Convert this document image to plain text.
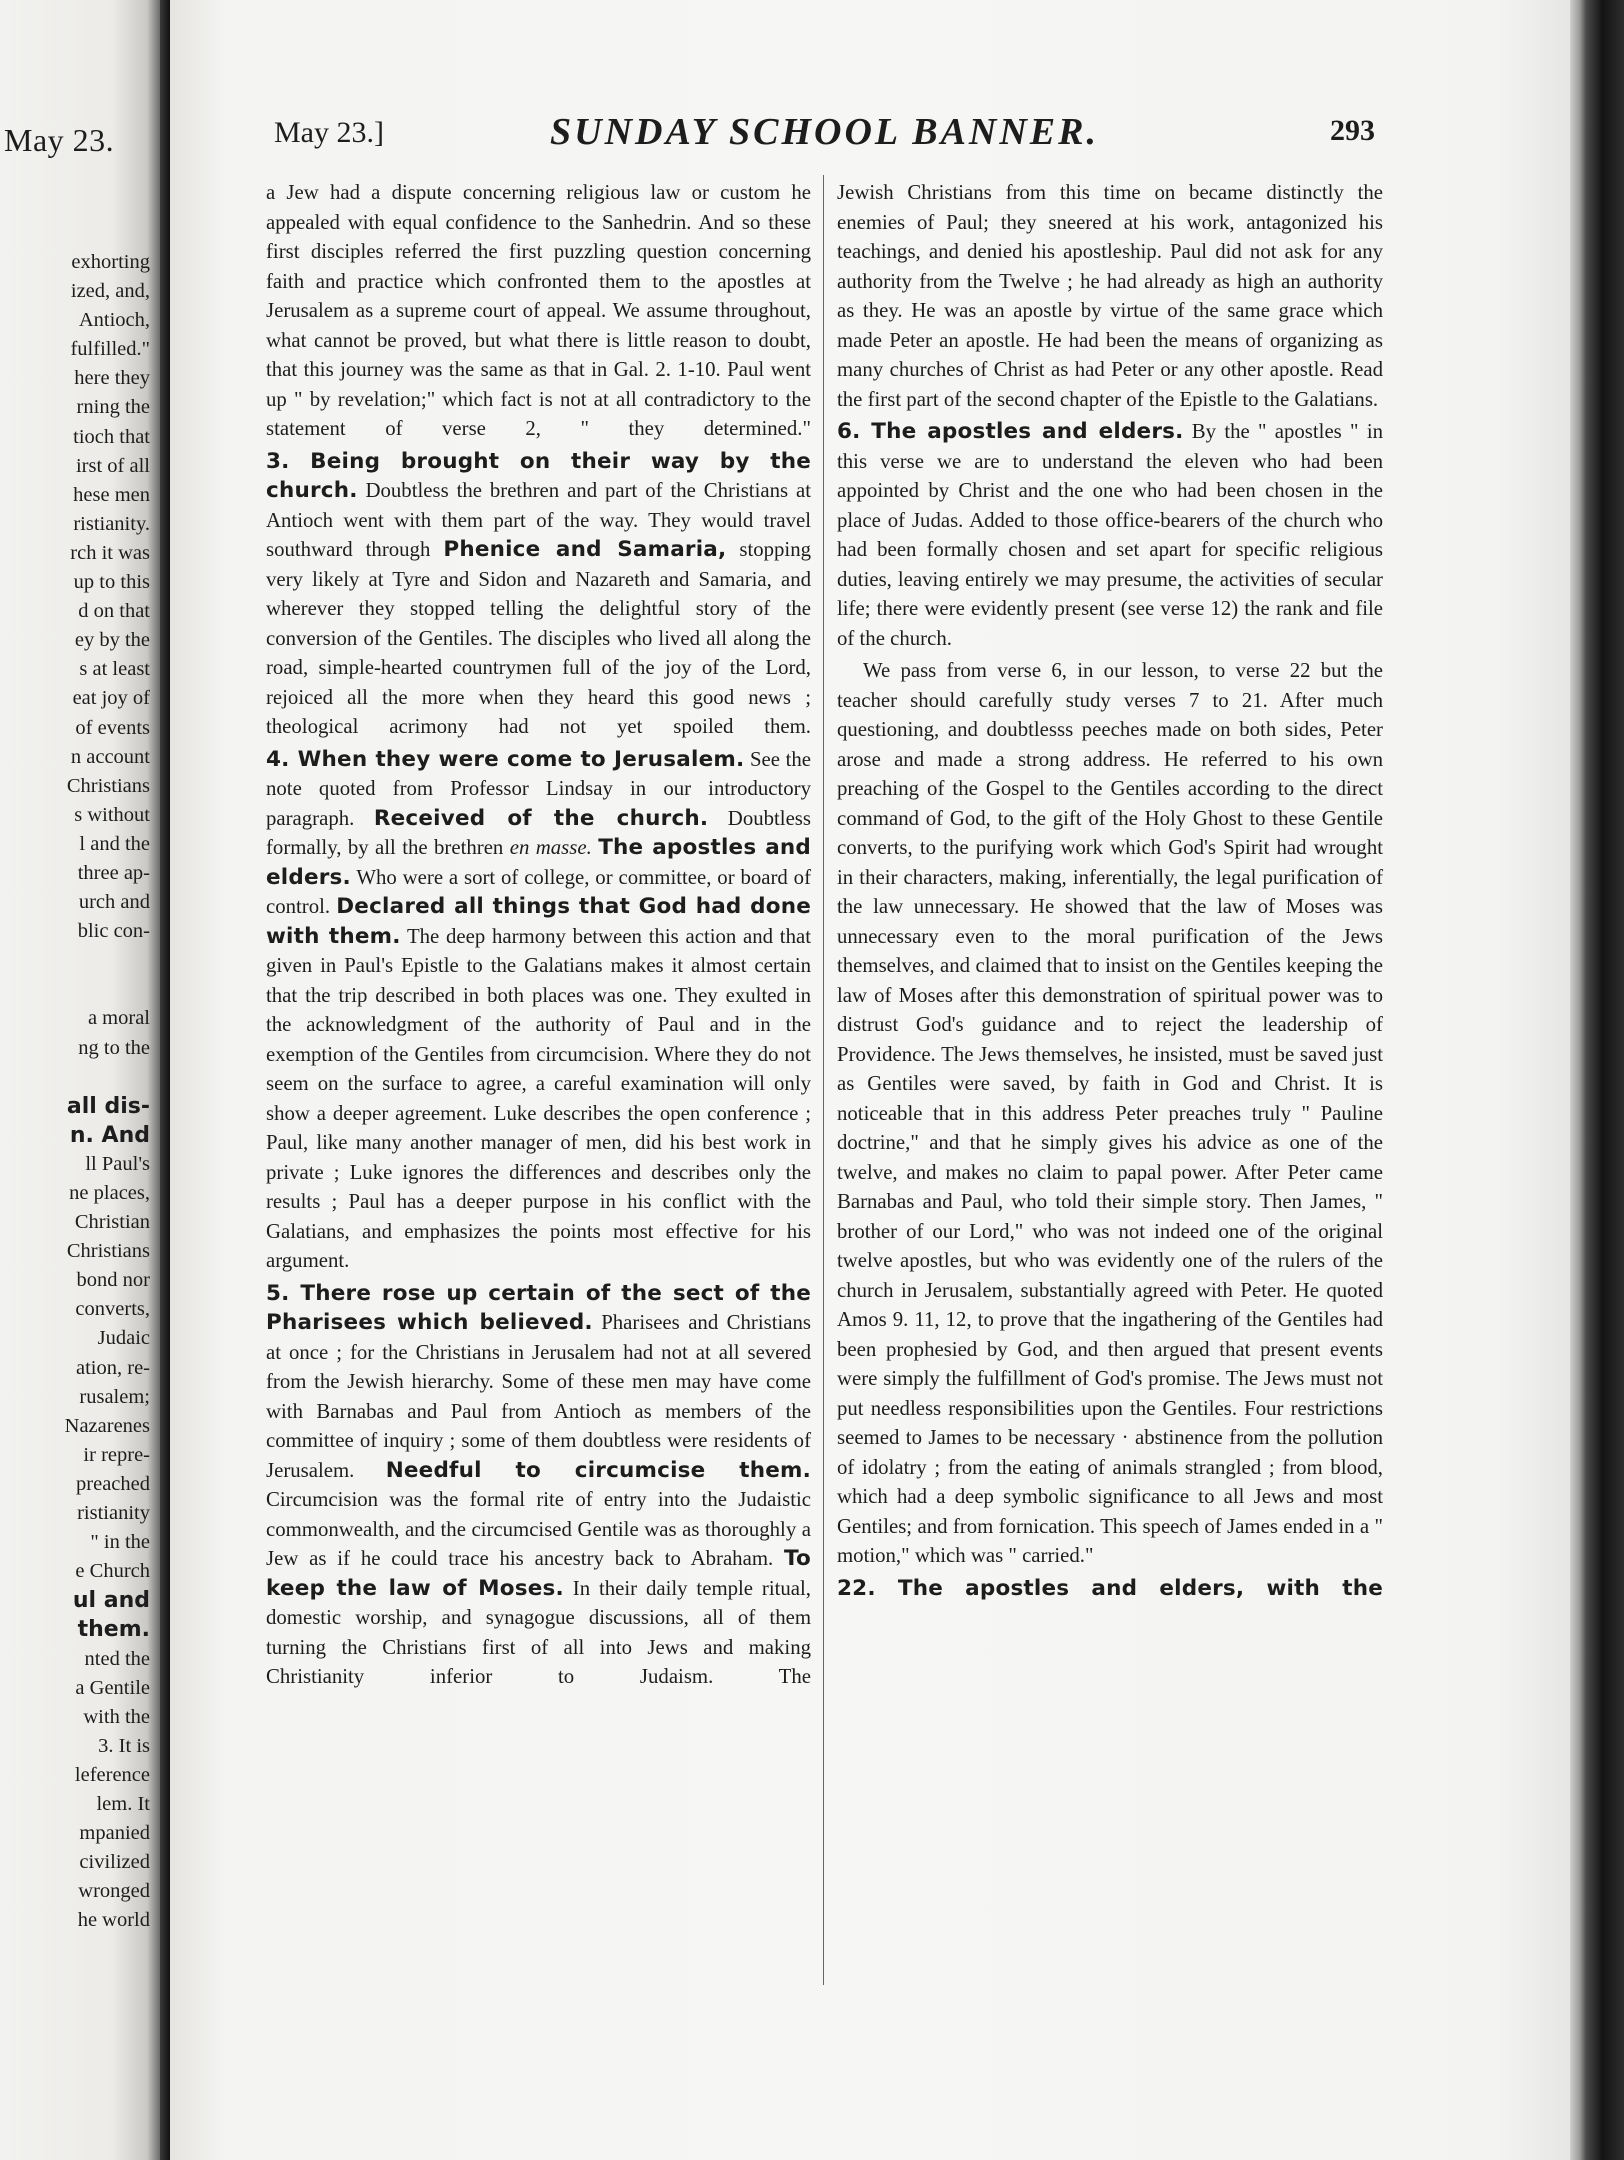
May 23.
exhorting
ized, and,
Antioch,
fulfilled."
here they
rning the
tioch that
irst of all
hese men
ristianity.
rch it was
up to this
d on that
ey by the
s at least
eat joy of
of events
n account
Christians
s without
l and the
three ap-
urch and
blic con-
a moral
ng to the
all dis-
n. And
ll Paul's
ne places,
Christian
Christians
bond nor
converts,
Judaic
ation, re-
rusalem;
Nazarenes
ir repre-
preached
ristianity
" in the
e Church
ul and
them.
nted the
a Gentile
with the
3. It is
leference
lem. It
mpanied
civilized
wronged
he world
May 23.]	SUNDAY SCHOOL BANNER.	293

a Jew had a dispute concerning religious law or custom he appealed with equal confidence to the Sanhedrin. And so these first disciples referred the first puzzling question concerning faith and practice which confronted them to the apostles at Jerusalem as a supreme court of appeal. We assume throughout, what cannot be proved, but what there is little reason to doubt, that this journey was the same as that in Gal. 2. 1-10. Paul went up " by revelation;" which fact is not at all contradictory to the statement of verse 2, " they determined."

3. Being brought on their way by the church. Doubtless the brethren and part of the Christians at Antioch went with them part of the way. They would travel southward through Phenice and Samaria, stopping very likely at Tyre and Sidon and Nazareth and Samaria, and wherever they stopped telling the delightful story of the conversion of the Gentiles. The disciples who lived all along the road, simple-hearted countrymen full of the joy of the Lord, rejoiced all the more when they heard this good news ; theological acrimony had not yet spoiled them.

4. When they were come to Jerusalem. See the note quoted from Professor Lindsay in our introductory paragraph. Received of the church. Doubtless formally, by all the brethren en masse. The apostles and elders. Who were a sort of college, or committee, or board of control. Declared all things that God had done with them. The deep harmony between this action and that given in Paul's Epistle to the Galatians makes it almost certain that the trip described in both places was one. They exulted in the acknowledgment of the authority of Paul and in the exemption of the Gentiles from circumcision. Where they do not seem on the surface to agree, a careful examination will only show a deeper agreement. Luke describes the open conference ; Paul, like many another manager of men, did his best work in private ; Luke ignores the differences and describes only the results ; Paul has a deeper purpose in his conflict with the Galatians, and emphasizes the points most effective for his argument.

5. There rose up certain of the sect of the Pharisees which believed. Pharisees and Christians at once ; for the Christians in Jerusalem had not at all severed from the Jewish hierarchy. Some of these men may have come with Barnabas and Paul from Antioch as members of the committee of inquiry ; some of them doubtless were residents of Jerusalem. Needful to circumcise them. Circumcision was the formal rite of entry into the Judaistic commonwealth, and the circumcised Gentile was as thoroughly a Jew as if he could trace his ancestry back to Abraham. To keep the law of Moses. In their daily temple ritual, domestic worship, and synagogue discussions, all of them turning the Christians first of all into Jews and making Christianity inferior to Judaism. The

Jewish Christians from this time on became distinctly the enemies of Paul; they sneered at his work, antagonized his teachings, and denied his apostleship. Paul did not ask for any authority from the Twelve ; he had already as high an authority as they. He was an apostle by virtue of the same grace which made Peter an apostle. He had been the means of organizing as many churches of Christ as had Peter or any other apostle. Read the first part of the second chapter of the Epistle to the Galatians.

6. The apostles and elders. By the " apostles " in this verse we are to understand the eleven who had been appointed by Christ and the one who had been chosen in the place of Judas. Added to those office-bearers of the church who had been formally chosen and set apart for specific religious duties, leaving entirely we may presume, the activities of secular life; there were evidently present (see verse 12) the rank and file of the church.

We pass from verse 6, in our lesson, to verse 22 but the teacher should carefully study verses 7 to 21. After much questioning, and doubtlesss peeches made on both sides, Peter arose and made a strong address. He referred to his own preaching of the Gospel to the Gentiles according to the direct command of God, to the gift of the Holy Ghost to these Gentile converts, to the purifying work which God's Spirit had wrought in their characters, making, inferentially, the legal purification of the law unnecessary. He showed that the law of Moses was unnecessary even to the moral purification of the Jews themselves, and claimed that to insist on the Gentiles keeping the law of Moses after this demonstration of spiritual power was to distrust God's guidance and to reject the leadership of Providence. The Jews themselves, he insisted, must be saved just as Gentiles were saved, by faith in God and Christ. It is noticeable that in this address Peter preaches truly " Pauline doctrine," and that he simply gives his advice as one of the twelve, and makes no claim to papal power. After Peter came Barnabas and Paul, who told their simple story. Then James, " brother of our Lord," who was not indeed one of the original twelve apostles, but who was evidently one of the rulers of the church in Jerusalem, substantially agreed with Peter. He quoted Amos 9. 11, 12, to prove that the ingathering of the Gentiles had been prophesied by God, and then argued that present events were simply the fulfillment of God's promise. The Jews must not put needless responsibilities upon the Gentiles. Four restrictions seemed to James to be necessary · abstinence from the pollution of idolatry ; from the eating of animals strangled ; from blood, which had a deep symbolic significance to all Jews and most Gentiles; and from fornication. This speech of James ended in a " motion," which was " carried."

22. The apostles and elders, with the
